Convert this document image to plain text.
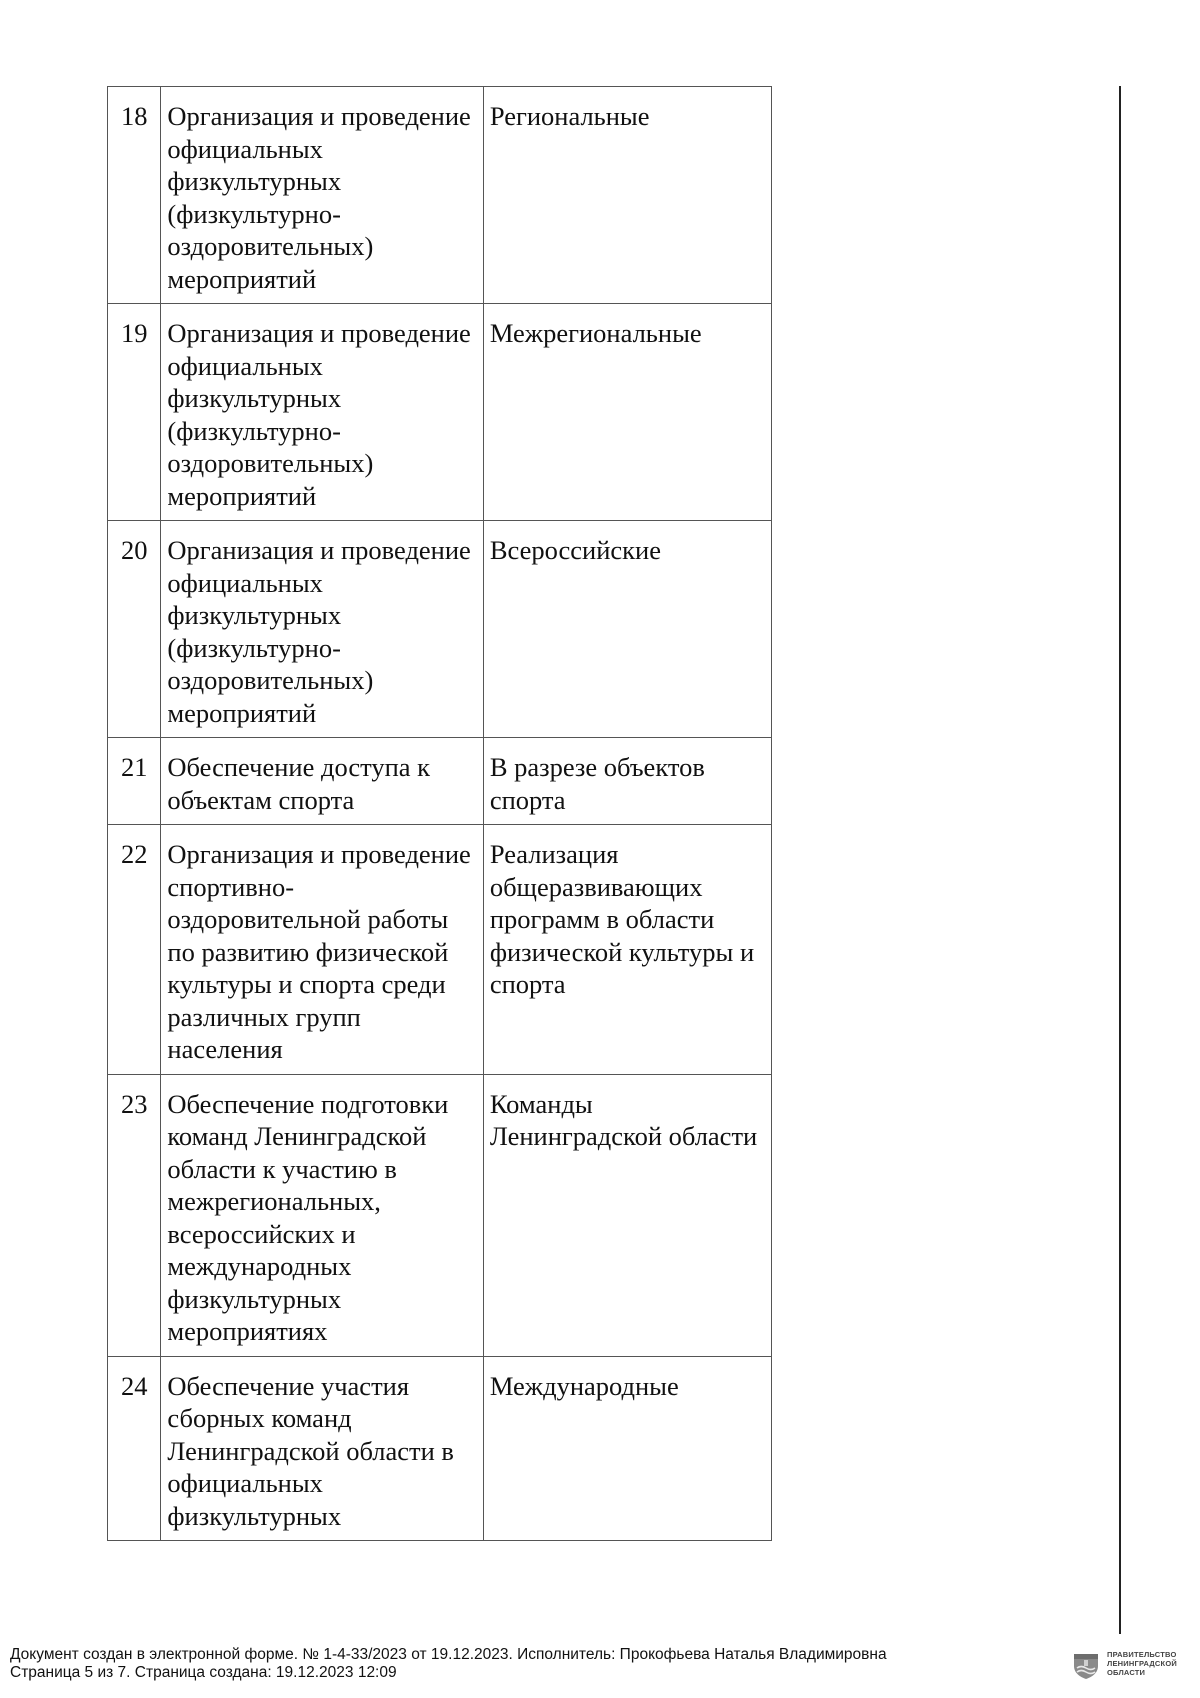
18	Организация и проведение официальных физкультурных (физкультурно-оздоровительных) мероприятий	Региональные
19	Организация и проведение официальных физкультурных (физкультурно-оздоровительных) мероприятий	Межрегиональные
20	Организация и проведение официальных физкультурных (физкультурно-оздоровительных) мероприятий	Всероссийские
21	Обеспечение доступа к объектам спорта	В разрезе объектов спорта
22	Организация и проведение спортивно-оздоровительной работы по развитию физической культуры и спорта среди различных групп населения	Реализация общеразвивающих программ в области физической культуры и спорта
23	Обеспечение подготовки команд Ленинградской области к участию в межрегиональных, всероссийских и международных физкультурных мероприятиях	Команды Ленинградской области
24	Обеспечение участия сборных команд Ленинградской области в официальных физкультурных	Международные
Документ создан в электронной форме. № 1-4-33/2023 от 19.12.2023. Исполнитель: Прокофьева Наталья Владимировна
Страница 5 из 7. Страница создана: 19.12.2023 12:09
ПРАВИТЕЛЬСТВО
ЛЕНИНГРАДСКОЙ
ОБЛАСТИ
